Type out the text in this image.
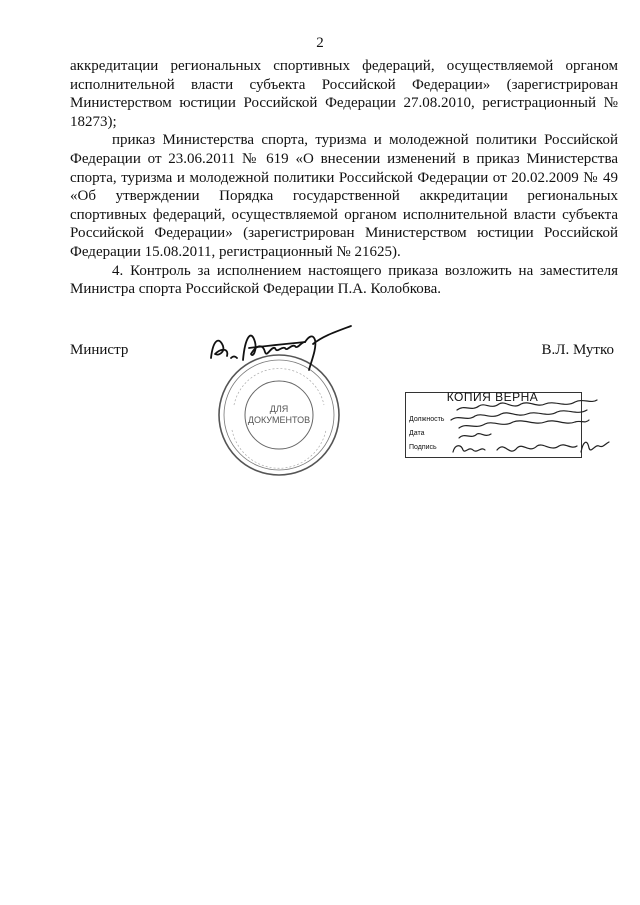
2

аккредитации региональных спортивных федераций, осуществляемой органом исполнительной власти субъекта Российской Федерации» (зарегистрирован Министерством юстиции Российской Федерации 27.08.2010, регистрационный № 18273);

приказ Министерства спорта, туризма и молодежной политики Российской Федерации от 23.06.2011 № 619 «О внесении изменений в приказ Министерства спорта, туризма и молодежной политики Российской Федерации от 20.02.2009 № 49 «Об утверждении Порядка государственной аккредитации региональных спортивных федераций, осуществляемой органом исполнительной власти субъекта Российской Федерации» (зарегистрирован Министерством юстиции Российской Федерации 15.08.2011, регистрационный № 21625).

4. Контроль за исполнением настоящего приказа возложить на заместителя Министра спорта Российской Федерации П.А. Колобкова.

Министр	В.Л. Мутко
ДЛЯ
ДОКУМЕНТОВ
КОПИЯ ВЕРНА
Должность
Дата
Подпись
